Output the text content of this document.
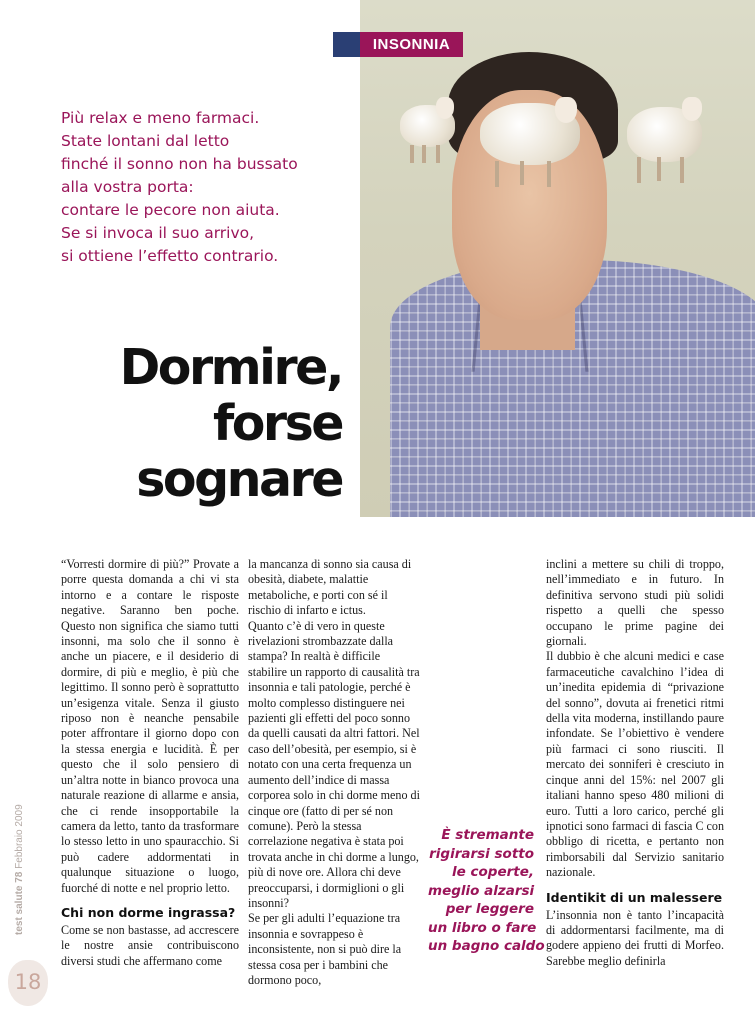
INSONNIA
Più relax e meno farmaci.
State lontani dal letto
finché il sonno non ha bussato
alla vostra porta:
contare le pecore non aiuta.
Se si invoca il suo arrivo,
si ottiene l’effetto contrario.
Dormire,
forse
sognare

“Vorresti dormire di più?” Provate a porre questa domanda a chi vi sta intorno e a contare le risposte negative. Saranno ben poche. Questo non significa che siamo tutti insonni, ma solo che il sonno è anche un piacere, e il desiderio di dormire, di più e meglio, è più che legittimo. Il sonno però è soprattutto un’esigenza vitale. Senza il giusto riposo non è neanche pensabile poter affrontare il giorno dopo con la stessa energia e lucidità. È per questo che il solo pensiero di un’altra notte in bianco provoca una naturale reazione di allarme e ansia, che ci rende insopportabile la camera da letto, tanto da trasformare lo stesso letto in uno spauracchio. Si può cadere addormentati in qualunque situazione o luogo, fuorché di notte e nel proprio letto.

Chi non dorme ingrassa?

Come se non bastasse, ad accrescere le nostre ansie contribuiscono diversi studi che affermano come

la mancanza di sonno sia causa di obesità, diabete, malattie metaboliche, e porti con sé il rischio di infarto e ictus.

Quanto c’è di vero in queste rivelazioni strombazzate dalla stampa? In realtà è difficile stabilire un rapporto di causalità tra insonnia e tali patologie, perché è molto complesso distinguere nei pazienti gli effetti del poco sonno da quelli causati da altri fattori. Nel caso dell’obesità, per esempio, si è notato con una certa frequenza un aumento dell’indice di massa corporea solo in chi dorme meno di cinque ore (fatto di per sé non comune). Però la stessa correlazione negativa è stata poi trovata anche in chi dorme a lungo, più di nove ore. Allora chi deve preoccuparsi, i dormiglioni o gli insonni?

Se per gli adulti l’equazione tra insonnia e sovrappeso è inconsistente, non si può dire la stessa cosa per i bambini che dormono poco,

È stremante
rigirarsi sotto
le coperte,
meglio alzarsi
per leggere
un libro o fare
un bagno caldo

inclini a mettere su chili di troppo, nell’immediato e in futuro. In definitiva servono studi più solidi rispetto a quelli che spesso occupano le prime pagine dei giornali.

Il dubbio è che alcuni medici e case farmaceutiche cavalchino l’idea di un’inedita epidemia di “privazione del sonno”, dovuta ai frenetici ritmi della vita moderna, instillando paure infondate. Se l’obiettivo è vendere più farmaci ci sono riusciti. Il mercato dei sonniferi è cresciuto in cinque anni del 15%: nel 2007 gli italiani hanno speso 480 milioni di euro. Tutti a loro carico, perché gli ipnotici sono farmaci di fascia C con obbligo di ricetta, e pertanto non rimborsabili dal Servizio sanitario nazionale.

Identikit di un malessere

L’insonnia non è tanto l’incapacità di addormentarsi facilmente, ma di godere appieno dei frutti di Morfeo. Sarebbe meglio definirla

test salute 78 Febbraio 2009
18
